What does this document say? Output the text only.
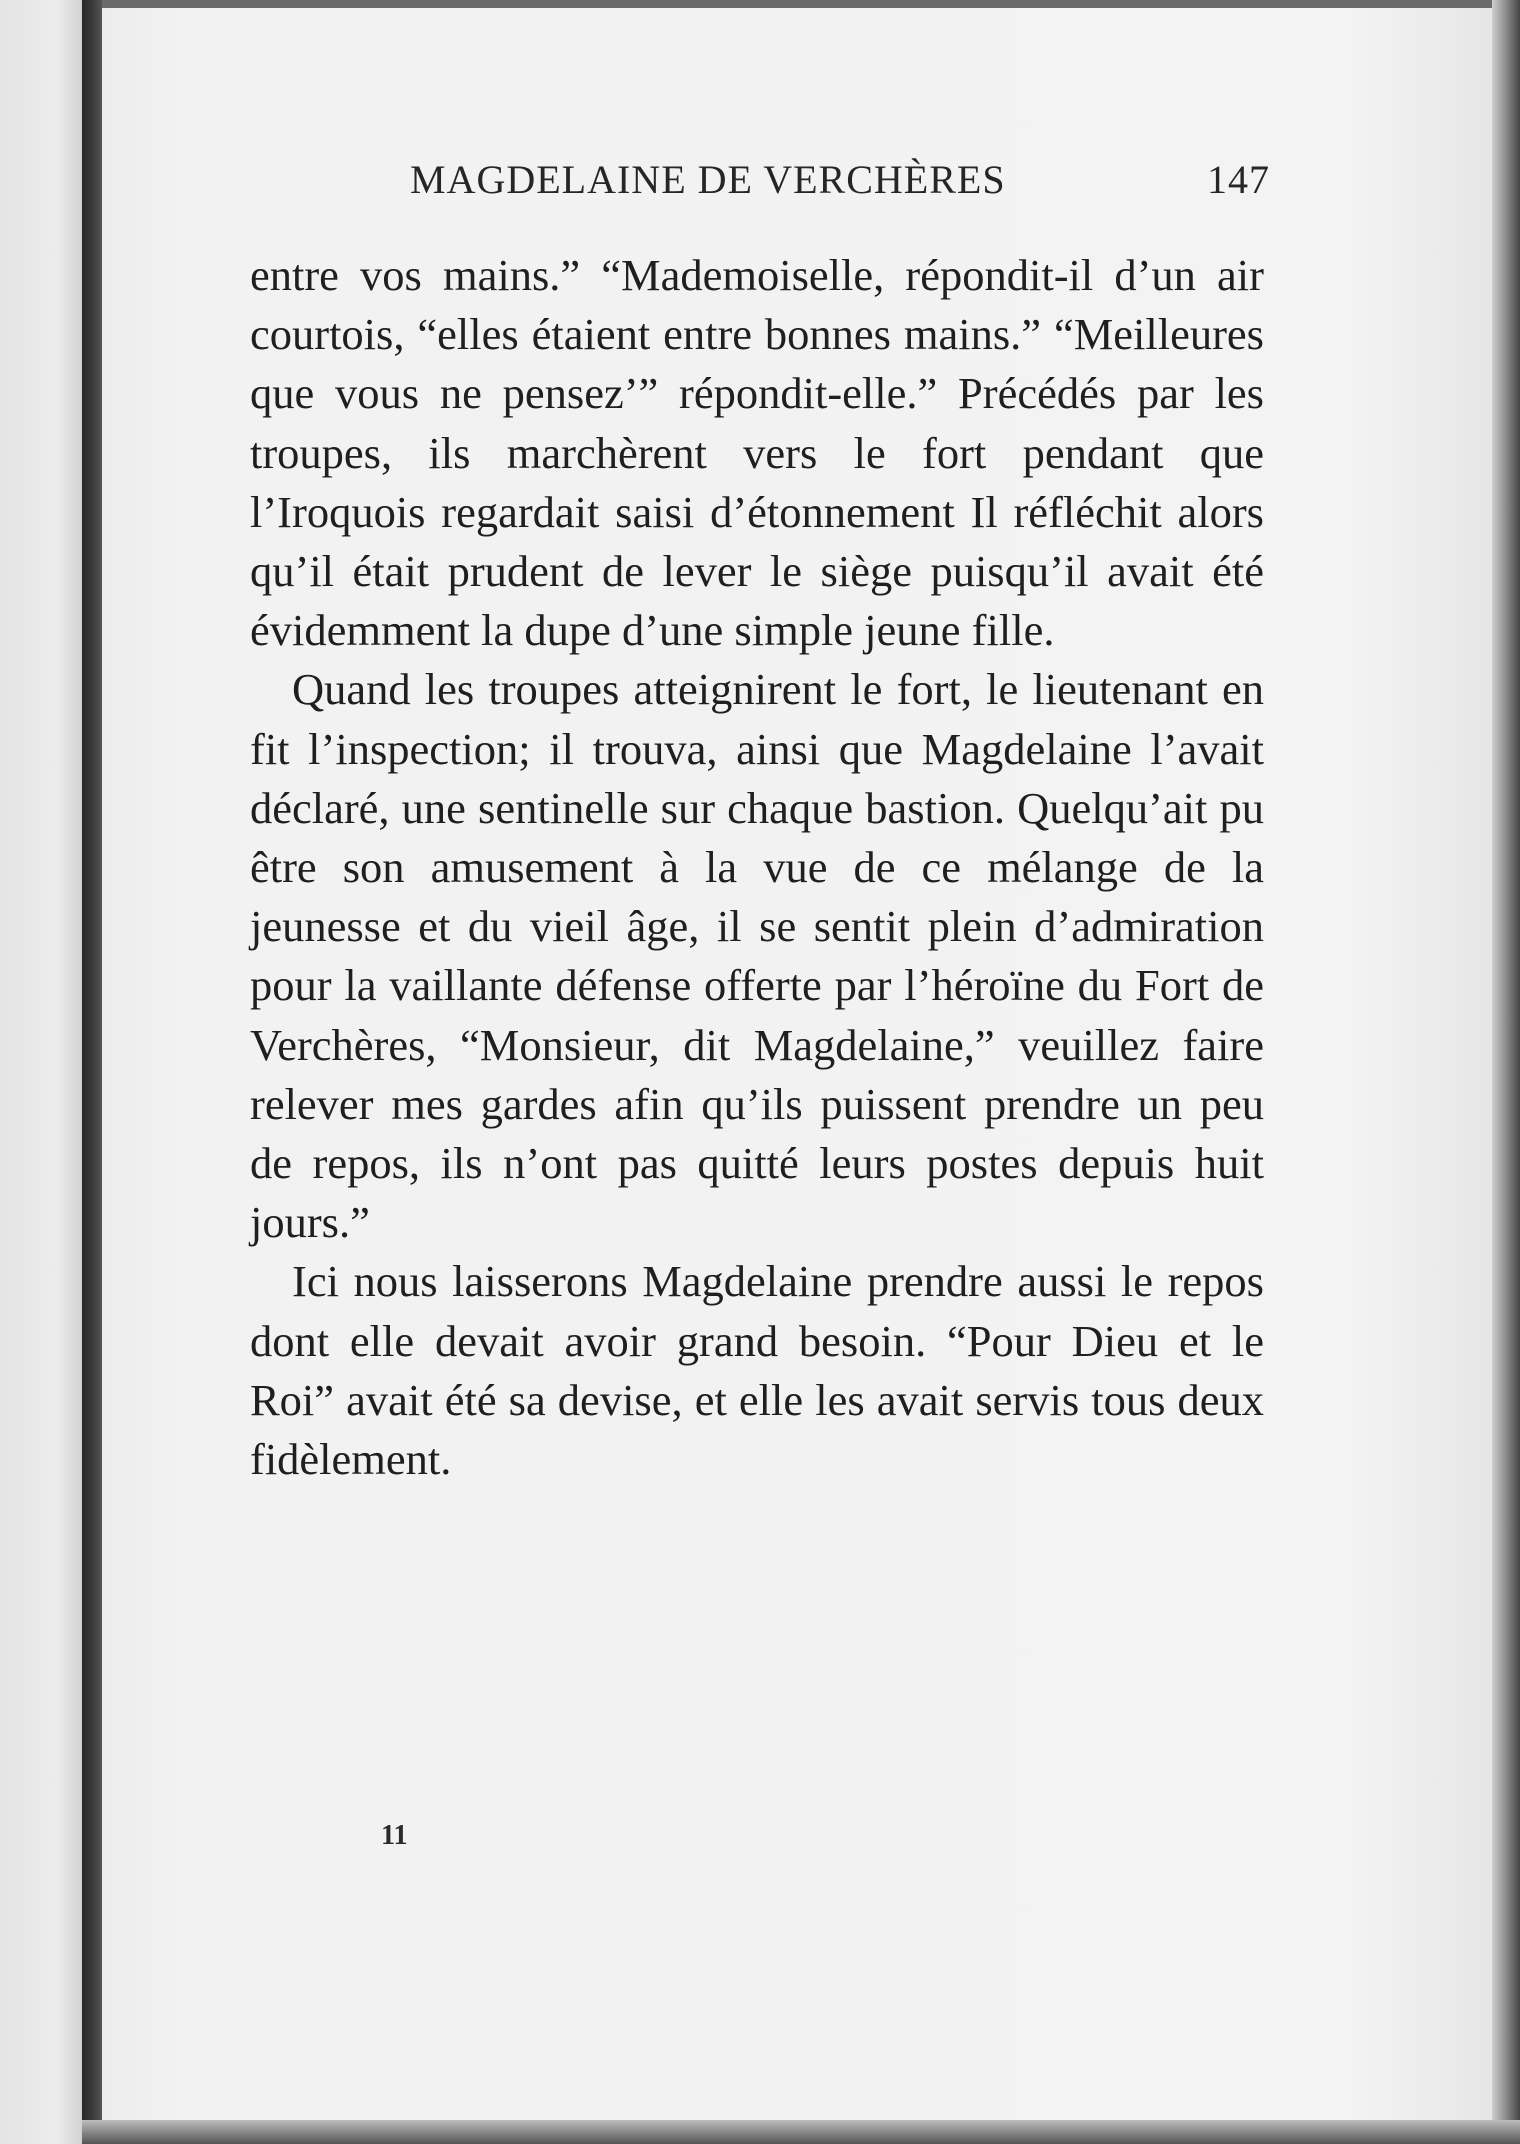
MAGDELAINE DE VERCHÈRES	147

entre vos mains.” “Mademoiselle, répondit-il d’un air courtois, “elles étaient entre bonnes mains.” “Meilleures que vous ne pensez’” répondit-elle.” Précédés par les troupes, ils marchèrent vers le fort pendant que l’Iroquois regardait saisi d’étonnement Il réfléchit alors qu’il était prudent de lever le siège puisqu’il avait été évidemment la dupe d’une simple jeune fille.

Quand les troupes atteignirent le fort, le lieutenant en fit l’inspection; il trouva, ainsi que Magdelaine l’avait déclaré, une sentinelle sur chaque bastion. Quelqu’ait pu être son amusement à la vue de ce mélange de la jeunesse et du vieil âge, il se sentit plein d’admiration pour la vaillante défense offerte par l’héroïne du Fort de Verchères, “Monsieur, dit Magdelaine,” veuillez faire relever mes gardes afin qu’ils puissent prendre un peu de repos, ils n’ont pas quitté leurs postes depuis huit jours.”

Ici nous laisserons Magdelaine prendre aussi le repos dont elle devait avoir grand besoin. “Pour Dieu et le Roi” avait été sa devise, et elle les avait servis tous deux fidèlement.

11
